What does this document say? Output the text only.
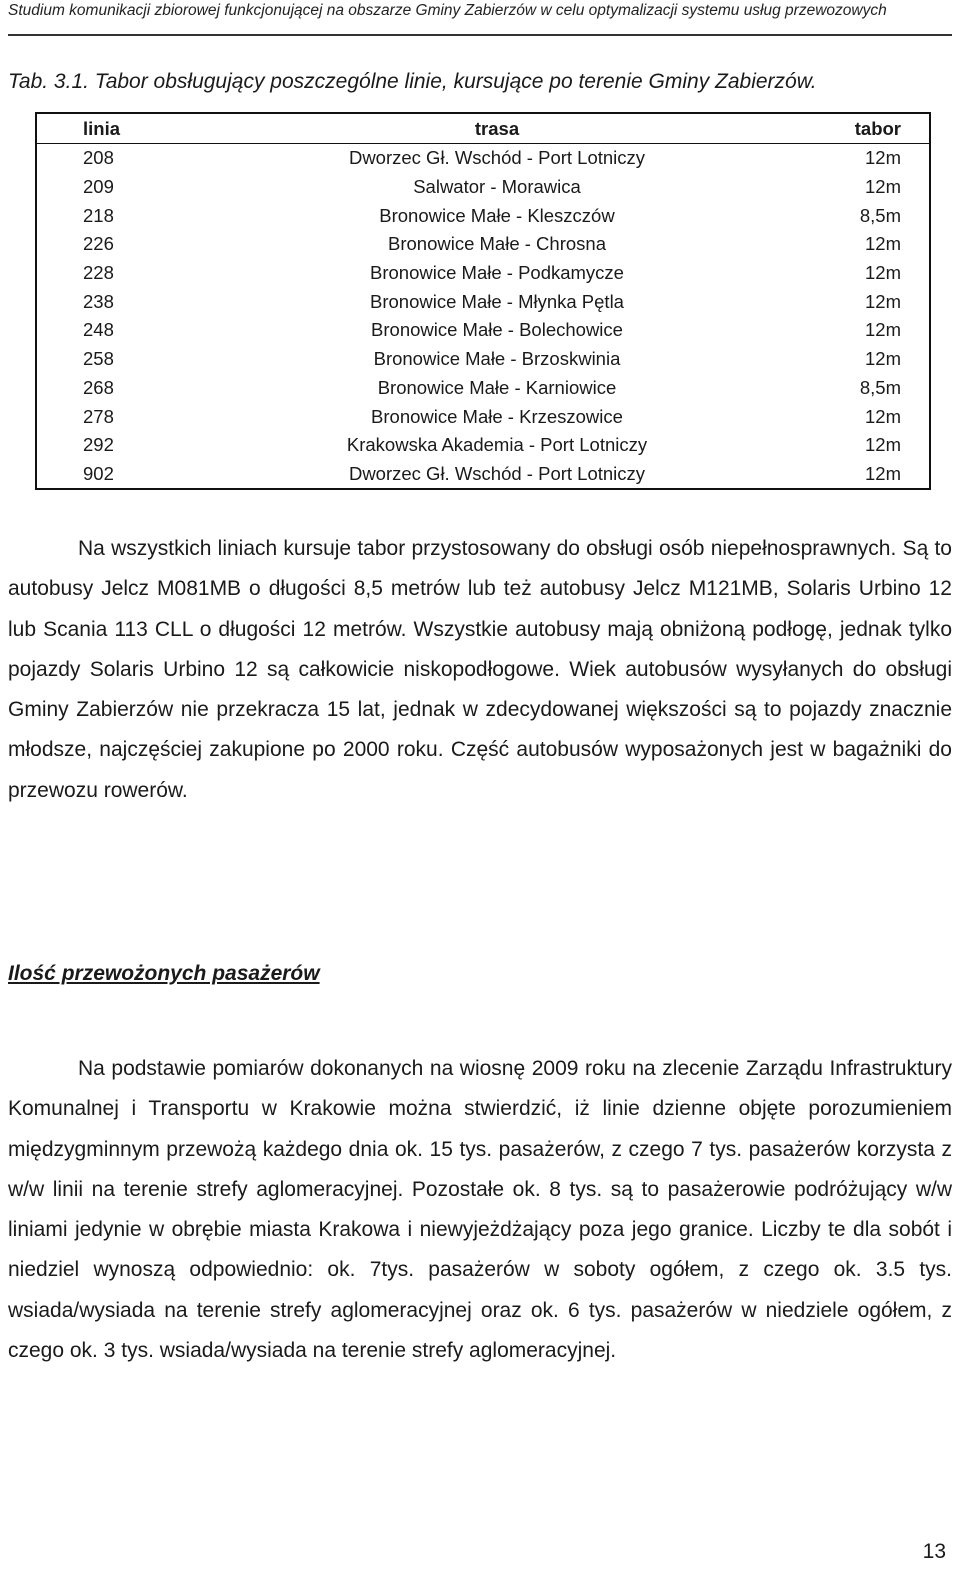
Studium komunikacji zbiorowej funkcjonującej na obszarze Gminy Zabierzów w celu optymalizacji systemu usług przewozowych
Tab. 3.1. Tabor obsługujący poszczególne linie, kursujące po terenie Gminy Zabierzów.
linia	trasa	tabor
208	Dworzec Gł. Wschód - Port Lotniczy	12m
209	Salwator - Morawica	12m
218	Bronowice Małe - Kleszczów	8,5m
226	Bronowice Małe - Chrosna	12m
228	Bronowice Małe - Podkamycze	12m
238	Bronowice Małe - Młynka Pętla	12m
248	Bronowice Małe - Bolechowice	12m
258	Bronowice Małe - Brzoskwinia	12m
268	Bronowice Małe - Karniowice	8,5m
278	Bronowice Małe - Krzeszowice	12m
292	Krakowska Akademia - Port Lotniczy	12m
902	Dworzec Gł. Wschód - Port Lotniczy	12m
Na wszystkich liniach kursuje tabor przystosowany do obsługi osób niepełnosprawnych. Są to autobusy Jelcz M081MB o długości 8,5 metrów lub też autobusy Jelcz M121MB, Solaris Urbino 12 lub Scania 113 CLL o długości 12 metrów. Wszystkie autobusy mają obniżoną podłogę, jednak tylko pojazdy Solaris Urbino 12 są całkowicie niskopodłogowe. Wiek autobusów wysyłanych do obsługi Gminy Zabierzów nie przekracza 15 lat, jednak w zdecydowanej większości są to pojazdy znacznie młodsze, najczęściej zakupione po 2000 roku. Część autobusów wyposażonych jest w bagażniki do przewozu rowerów.
Ilość przewożonych pasażerów
Na podstawie pomiarów dokonanych na wiosnę 2009 roku na zlecenie Zarządu Infrastruktury Komunalnej i Transportu w Krakowie można stwierdzić, iż linie dzienne objęte porozumieniem międzygminnym przewożą każdego dnia ok. 15 tys. pasażerów, z czego 7 tys. pasażerów korzysta z w/w linii na terenie strefy aglomeracyjnej. Pozostałe ok. 8 tys. są to pasażerowie podróżujący w/w liniami jedynie w obrębie miasta Krakowa i niewyjeżdżający poza jego granice. Liczby te dla sobót i niedziel wynoszą odpowiednio: ok. 7tys. pasażerów w soboty ogółem, z czego ok. 3.5 tys. wsiada/wysiada na terenie strefy aglomeracyjnej oraz ok. 6 tys. pasażerów w niedziele ogółem, z czego ok. 3 tys. wsiada/wysiada na terenie strefy aglomeracyjnej.
13
